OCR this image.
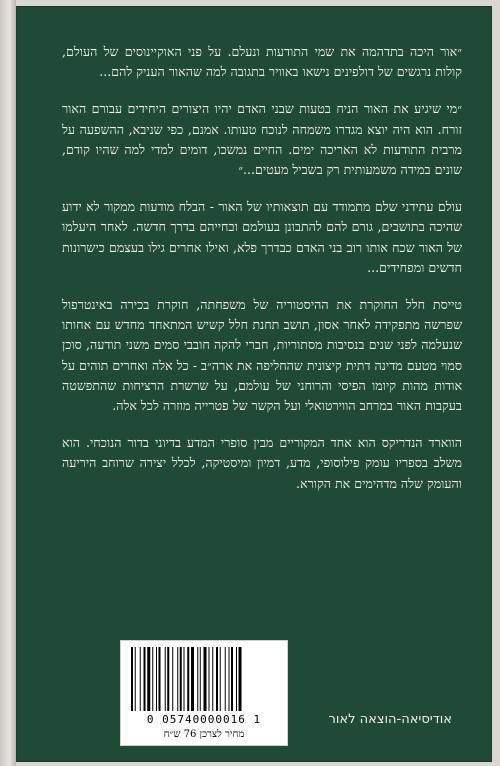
״אור היכה בתדהמה את שמי התודעות ונעלם. על פני האוקיינוסים של העולם, קולות נרגשים של דולפינים נישאו באוויר בתגובה למה שהאור העניק להם...

״מי שיגיע את האור הניח בטעות שבני האדם יהיו היצורים היחידים עבורם האור זורח. הוא היה יוצא מגדרו משמחה לנוכח טעותו. אמנם, כפי שניבא, ההשפעה על מרבית התודעות לא האריכה ימים. החיים נמשכו, דומים למדי למה שהיו קודם, שונים במידה משמעותית רק בשביל מעטים...״

עולם עתידני שלם מתמודד עם תוצאותיו של האור - הבלח מודעות ממקור לא ידוע שהיכה בתושבים, גורם להם להתבונן בעולמם ובחייהם בדרך חדשה. לאחר היעלמו של האור שכח אותו רוב בני האדם כבדרך פלא, ואילו אחרים גילו בעצמם כישרונות חדשים ומפחידים...

טייסת חלל החוקרת את ההיסטוריה של משפחתה, חוקרת בכירה באינטרפול שפרשה מתפקידה לאחר אסון, תושב תחנת חלל קשיש המתאחד מחדש עם אחותו שנעלמה לפני שנים בנסיבות מסתוריות, חברי להקה חובבי סמים משני תודעה, סוכן סמוי מטעם מדינה דתית קיצונית שהחליפה את ארה״ב - כל אלה ואחרים תוהים על אודות מהות קיומו הפיסי והרוחני של עולמם, על שרשרת הרציחות שהתפשטה בעקבות האור במרחב הווירטואלי ועל הקשר של פטרייה מוזרה לכל אלה.

הווארד הנדריקס הוא אחד המקוריים מבין סופרי המדע בדיוני בדור הנוכחי. הוא משלב בספריו עומק פילוסופי, מדע, דמיון ומיסטיקה, לכלל יצירה שרוחב היריעה והעומק שלה מדהימים את הקורא.

0 05740000016 1
מחיר לצרכן 76 ש״ח
אודיסיאה-הוצאה לאור
